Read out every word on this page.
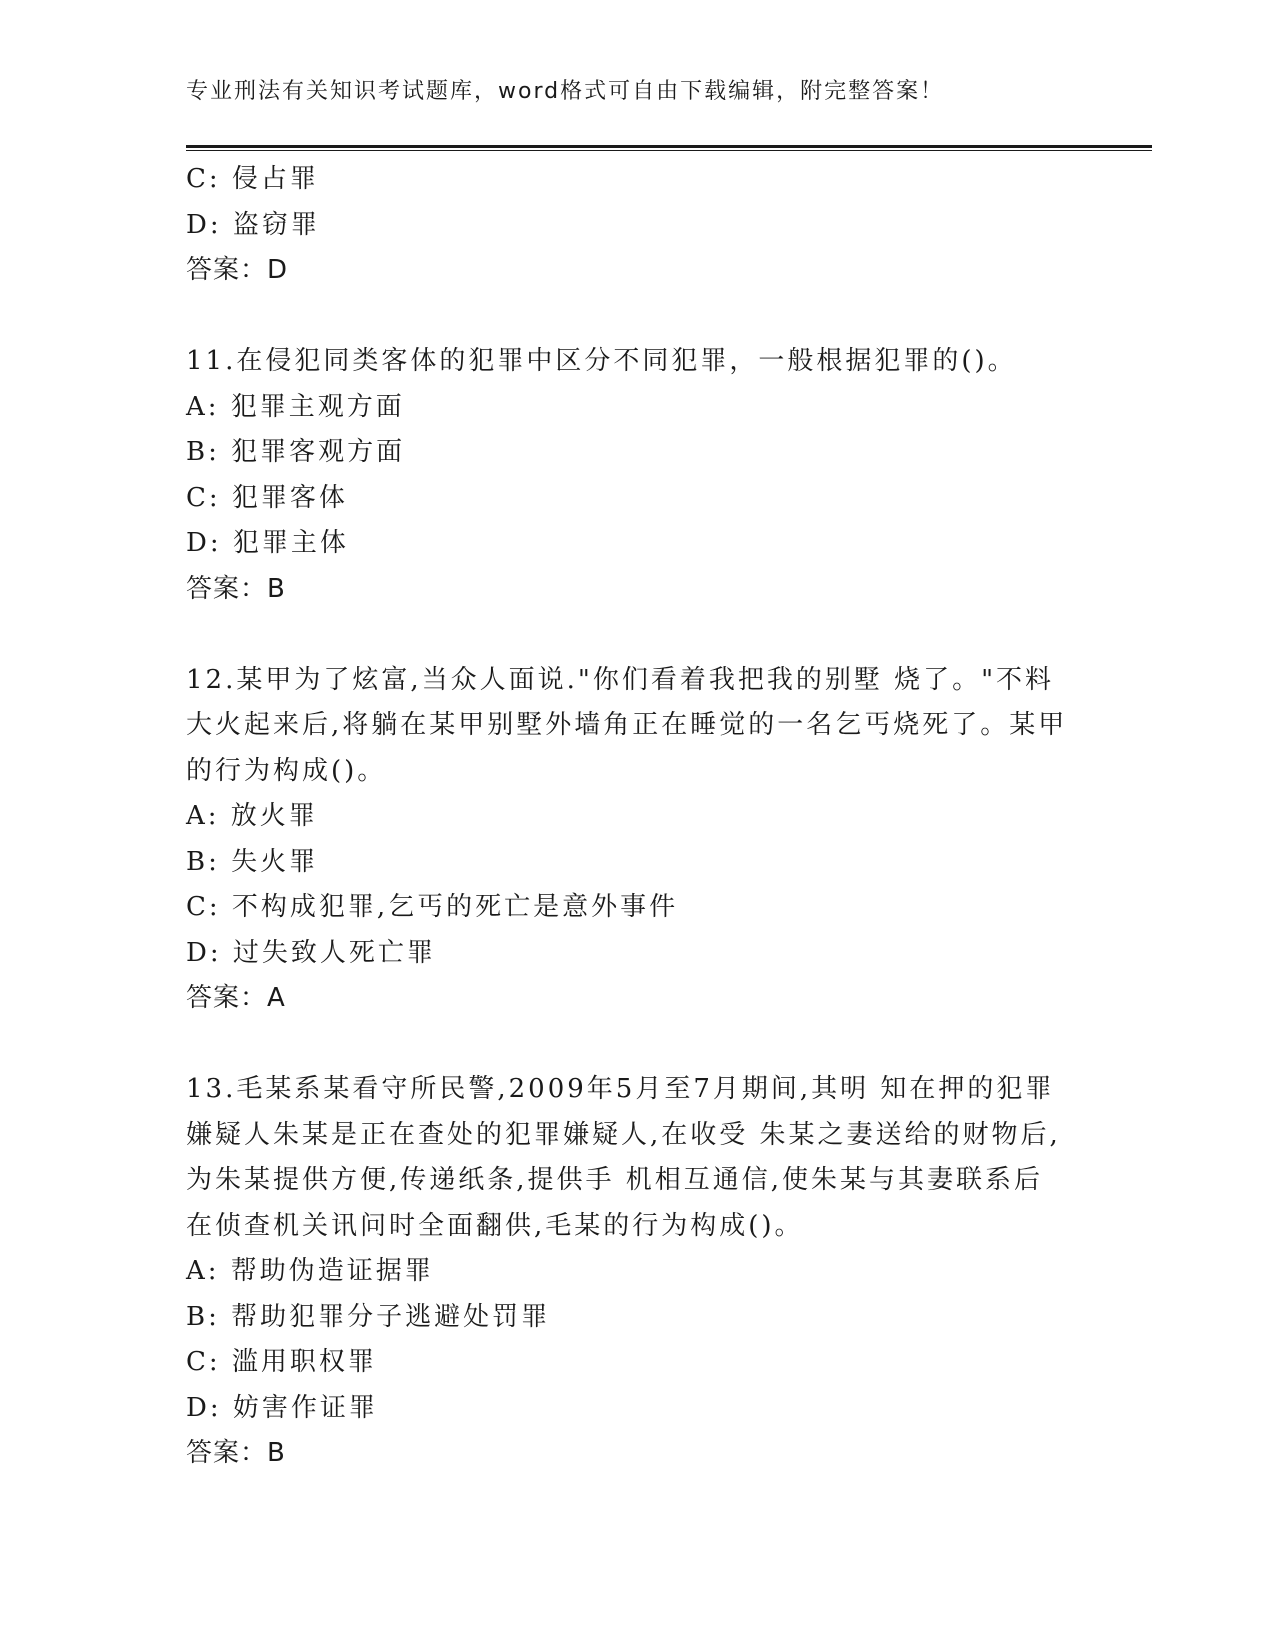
专业刑法有关知识考试题库，word格式可自由下载编辑，附完整答案！

C: 侵占罪

D: 盗窃罪

答案：D

11.在侵犯同类客体的犯罪中区分不同犯罪，一般根据犯罪的()。

A: 犯罪主观方面

B: 犯罪客观方面

C: 犯罪客体

D: 犯罪主体

答案：B

12.某甲为了炫富,当众人面说."你们看着我把我的别墅 烧了。"不料

大火起来后,将躺在某甲别墅外墙角正在睡觉的一名乞丐烧死了。某甲

的行为构成()。

A: 放火罪

B: 失火罪

C: 不构成犯罪,乞丐的死亡是意外事件

D: 过失致人死亡罪

答案：A

13.毛某系某看守所民警,2009年5月至7月期间,其明 知在押的犯罪

嫌疑人朱某是正在查处的犯罪嫌疑人,在收受 朱某之妻送给的财物后,

为朱某提供方便,传递纸条,提供手 机相互通信,使朱某与其妻联系后

在侦查机关讯问时全面翻供,毛某的行为构成()。

A: 帮助伪造证据罪

B: 帮助犯罪分子逃避处罚罪

C: 滥用职权罪

D: 妨害作证罪

答案：B
